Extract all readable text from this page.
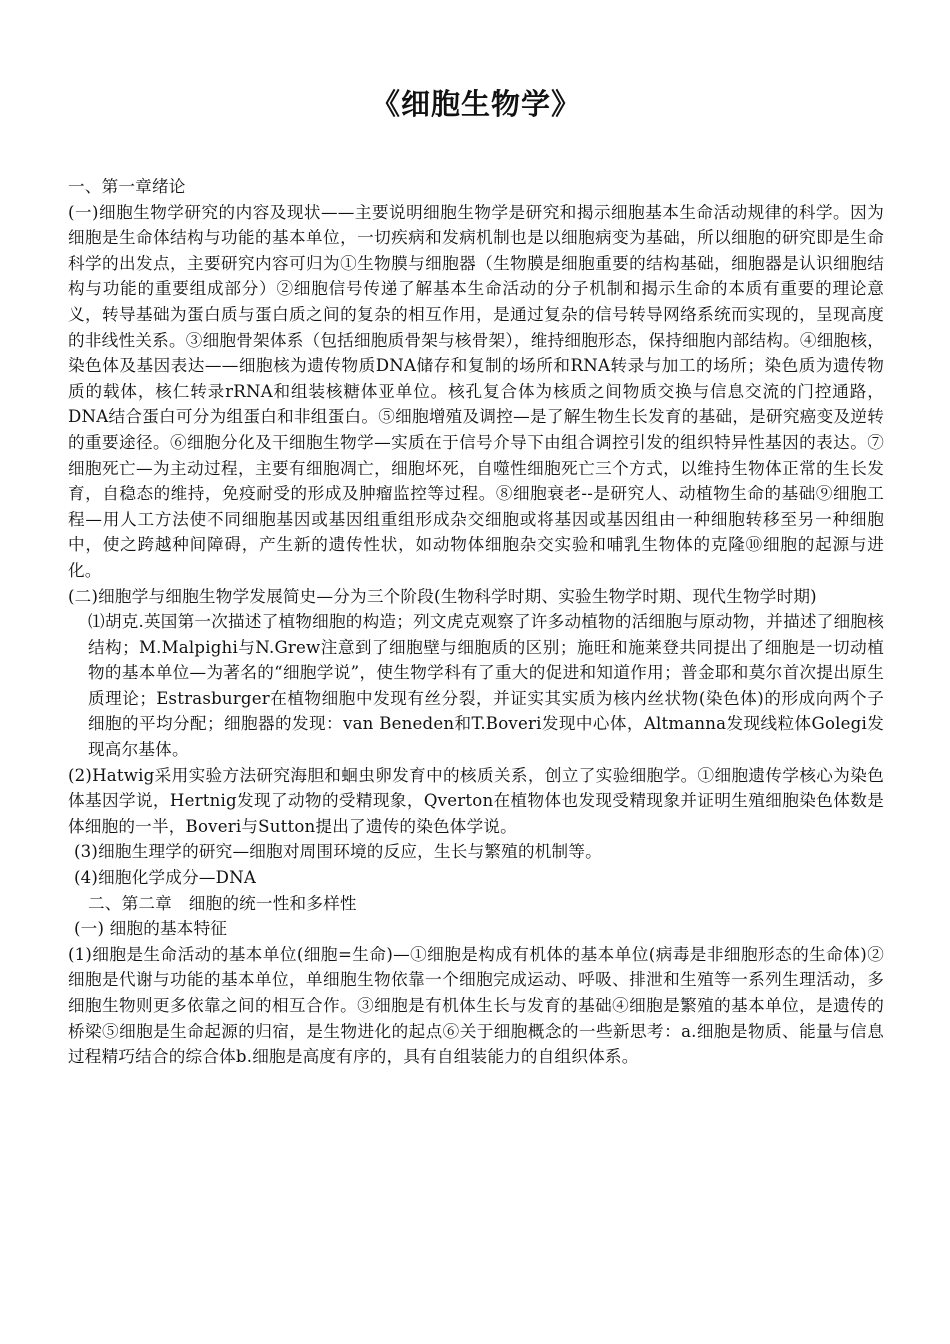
《细胞生物学》

一、第一章绪论

(一)细胞生物学研究的内容及现状——主要说明细胞生物学是研究和揭示细胞基本生命活动规律的科学。因为细胞是生命体结构与功能的基本单位，一切疾病和发病机制也是以细胞病变为基础，所以细胞的研究即是生命科学的出发点，主要研究内容可归为①生物膜与细胞器（生物膜是细胞重要的结构基础，细胞器是认识细胞结构与功能的重要组成部分）②细胞信号传递了解基本生命活动的分子机制和揭示生命的本质有重要的理论意义，转导基础为蛋白质与蛋白质之间的复杂的相互作用，是通过复杂的信号转导网络系统而实现的，呈现高度的非线性关系。③细胞骨架体系（包括细胞质骨架与核骨架），维持细胞形态，保持细胞内部结构。④细胞核，染色体及基因表达——细胞核为遗传物质DNA储存和复制的场所和RNA转录与加工的场所；染色质为遗传物质的载体，核仁转录rRNA和组装核糖体亚单位。核孔复合体为核质之间物质交换与信息交流的门控通路，DNA结合蛋白可分为组蛋白和非组蛋白。⑤细胞增殖及调控—是了解生物生长发育的基础，是研究癌变及逆转的重要途径。⑥细胞分化及干细胞生物学—实质在于信号介导下由组合调控引发的组织特异性基因的表达。⑦细胞死亡—为主动过程，主要有细胞凋亡，细胞坏死，自噬性细胞死亡三个方式，以维持生物体正常的生长发育，自稳态的维持，免疫耐受的形成及肿瘤监控等过程。⑧细胞衰老--是研究人、动植物生命的基础⑨细胞工程—用人工方法使不同细胞基因或基因组重组形成杂交细胞或将基因或基因组由一种细胞转移至另一种细胞中，使之跨越种间障碍，产生新的遗传性状，如动物体细胞杂交实验和哺乳生物体的克隆⑩细胞的起源与进化。

(二)细胞学与细胞生物学发展简史—分为三个阶段(生物科学时期、实验生物学时期、现代生物学时期)

⑴胡克.英国第一次描述了植物细胞的构造；列文虎克观察了许多动植物的活细胞与原动物，并描述了细胞核结构；M.Malpighi与N.Grew注意到了细胞壁与细胞质的区别；施旺和施莱登共同提出了细胞是一切动植物的基本单位—为著名的“细胞学说”，使生物学科有了重大的促进和知道作用；普金耶和莫尔首次提出原生质理论；Estrasburger在植物细胞中发现有丝分裂，并证实其实质为核内丝状物(染色体)的形成向两个子细胞的平均分配；细胞器的发现：van Beneden和T.Boveri发现中心体，Altmanna发现线粒体Golegi发现高尔基体。

(2)Hatwig采用实验方法研究海胆和蛔虫卵发育中的核质关系，创立了实验细胞学。①细胞遗传学核心为染色体基因学说，Hertnig发现了动物的受精现象，Qverton在植物体也发现受精现象并证明生殖细胞染色体数是体细胞的一半，Boveri与Sutton提出了遗传的染色体学说。

(3)细胞生理学的研究—细胞对周围环境的反应，生长与繁殖的机制等。

(4)细胞化学成分—DNA

二、第二章　细胞的统一性和多样性

(一) 细胞的基本特征

(1)细胞是生命活动的基本单位(细胞=生命)—①细胞是构成有机体的基本单位(病毒是非细胞形态的生命体)②细胞是代谢与功能的基本单位，单细胞生物依靠一个细胞完成运动、呼吸、排泄和生殖等一系列生理活动，多细胞生物则更多依靠之间的相互合作。③细胞是有机体生长与发育的基础④细胞是繁殖的基本单位，是遗传的桥梁⑤细胞是生命起源的归宿，是生物进化的起点⑥关于细胞概念的一些新思考：a.细胞是物质、能量与信息过程精巧结合的综合体b.细胞是高度有序的，具有自组装能力的自组织体系。
